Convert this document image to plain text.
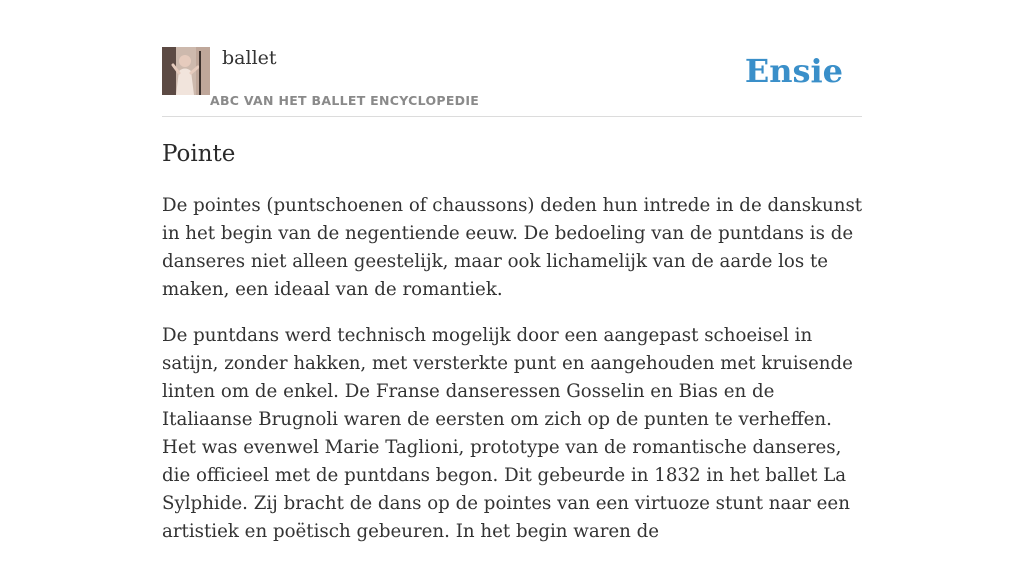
ballet
ABC VAN HET BALLET ENCYCLOPEDIE
Ensie
Pointe

De pointes (puntschoenen of chaussons) deden hun intrede in de danskunst in het begin van de negentiende eeuw. De bedoeling van de puntdans is de danseres niet alleen geestelijk, maar ook lichamelijk van de aarde los te maken, een ideaal van de romantiek.

De puntdans werd technisch mogelijk door een aangepast schoeisel in satijn, zonder hakken, met versterkte punt en aangehouden met kruisende linten om de enkel. De Franse danseressen Gosselin en Bias en de Italiaanse Brugnoli waren de eersten om zich op de punten te verheffen. Het was evenwel Marie Taglioni, prototype van de romantische danseres, die officieel met de puntdans begon. Dit gebeurde in 1832 in het ballet La Sylphide. Zij bracht de dans op de pointes van een virtuoze stunt naar een artistiek en poëtisch gebeuren. In het begin waren de
